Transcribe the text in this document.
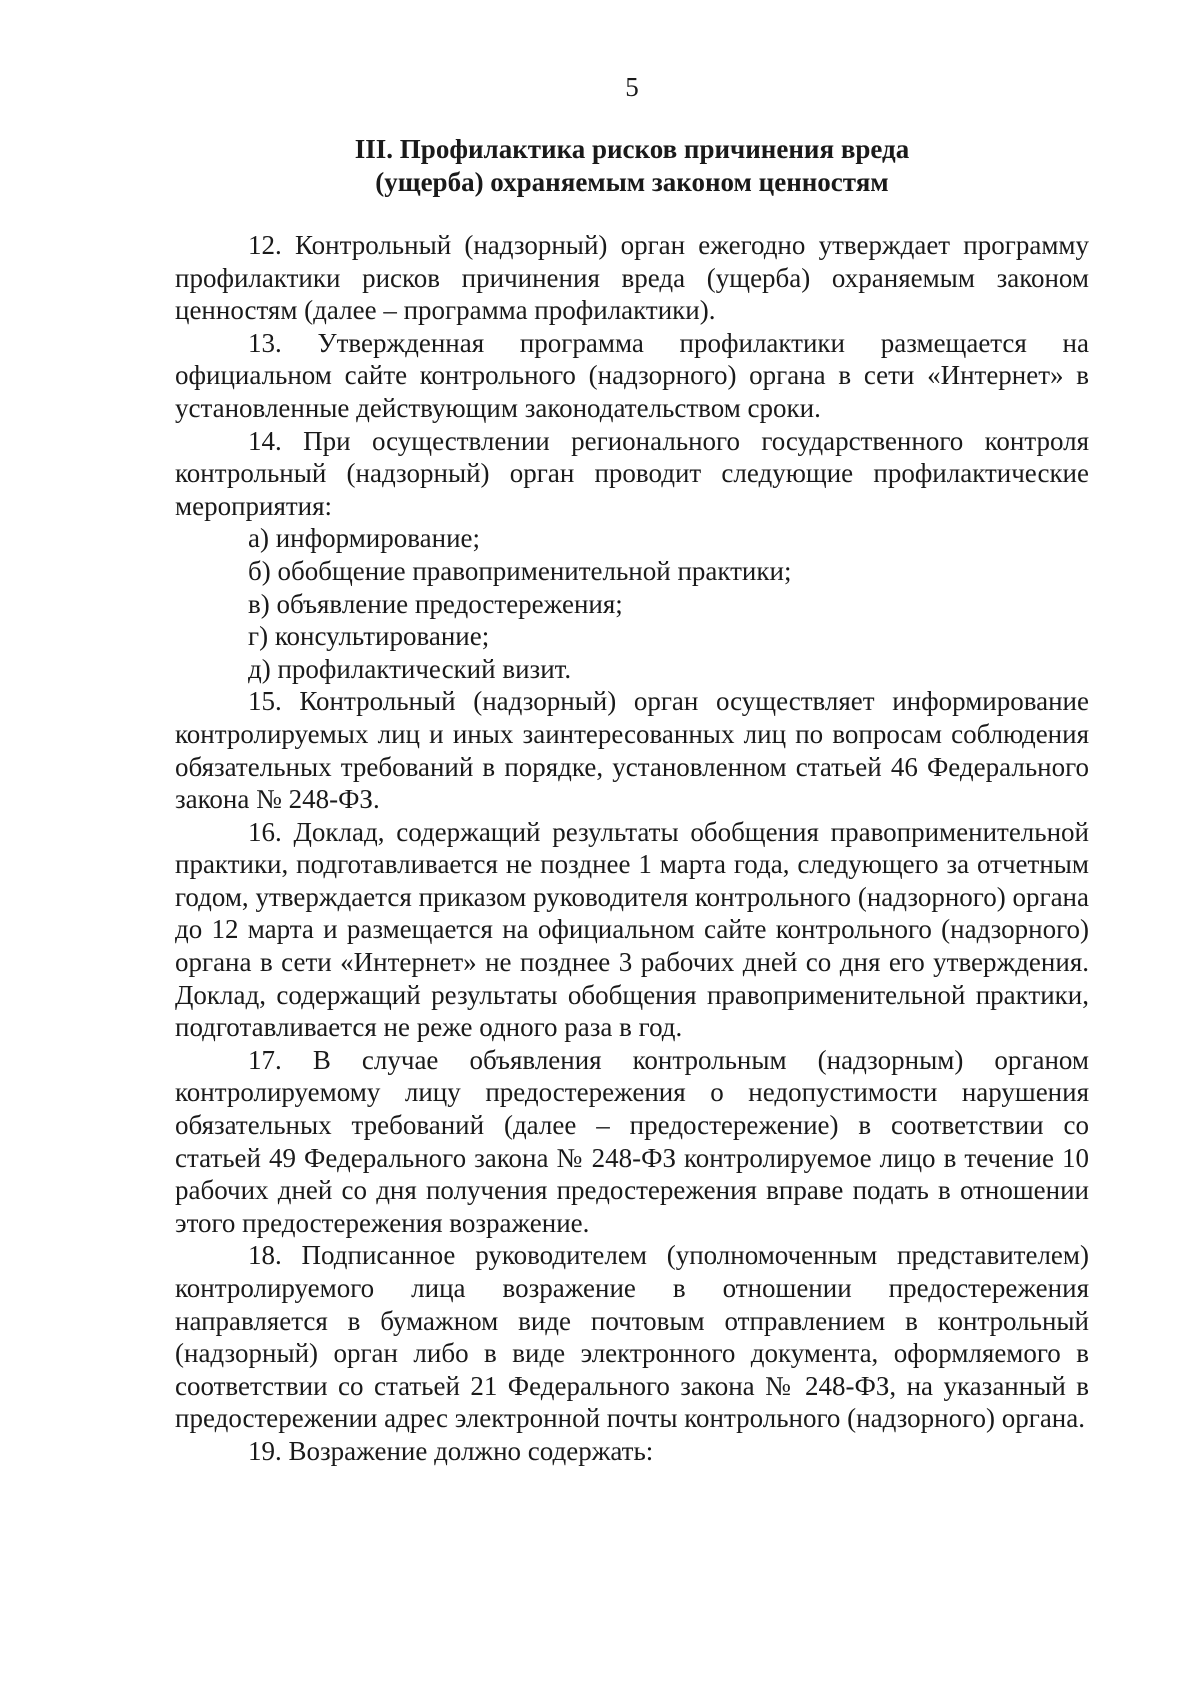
5
III. Профилактика рисков причинения вреда
(ущерба) охраняемым законом ценностям

12. Контрольный (надзорный) орган ежегодно утверждает программу профилактики рисков причинения вреда (ущерба) охраняемым законом ценностям (далее – программа профилактики).

13. Утвержденная программа профилактики размещается на официальном сайте контрольного (надзорного) органа в сети «Интернет» в установленные действующим законодательством сроки.

14. При осуществлении регионального государственного контроля контрольный (надзорный) орган проводит следующие профилактические мероприятия:

а) информирование;

б) обобщение правоприменительной практики;

в) объявление предостережения;

г) консультирование;

д) профилактический визит.

15. Контрольный (надзорный) орган осуществляет информирование контролируемых лиц и иных заинтересованных лиц по вопросам соблюдения обязательных требований в порядке, установленном статьей 46 Федерального закона № 248-ФЗ.

16. Доклад, содержащий результаты обобщения правоприменительной практики, подготавливается не позднее 1 марта года, следующего за отчетным годом, утверждается приказом руководителя контрольного (надзорного) органа до 12 марта и размещается на официальном сайте контрольного (надзорного) органа в сети «Интернет» не позднее 3 рабочих дней со дня его утверждения. Доклад, содержащий результаты обобщения правоприменительной практики, подготавливается не реже одного раза в год.

17. В случае объявления контрольным (надзорным) органом контролируемому лицу предостережения о недопустимости нарушения обязательных требований (далее – предостережение) в соответствии со статьей 49 Федерального закона № 248-ФЗ контролируемое лицо в течение 10 рабочих дней со дня получения предостережения вправе подать в отношении этого предостережения возражение.

18. Подписанное руководителем (уполномоченным представителем) контролируемого лица возражение в отношении предостережения направляется в бумажном виде почтовым отправлением в контрольный (надзорный) орган либо в виде электронного документа, оформляемого в соответствии со статьей 21 Федерального закона № 248-ФЗ, на указанный в предостережении адрес электронной почты контрольного (надзорного) органа.

19. Возражение должно содержать:
